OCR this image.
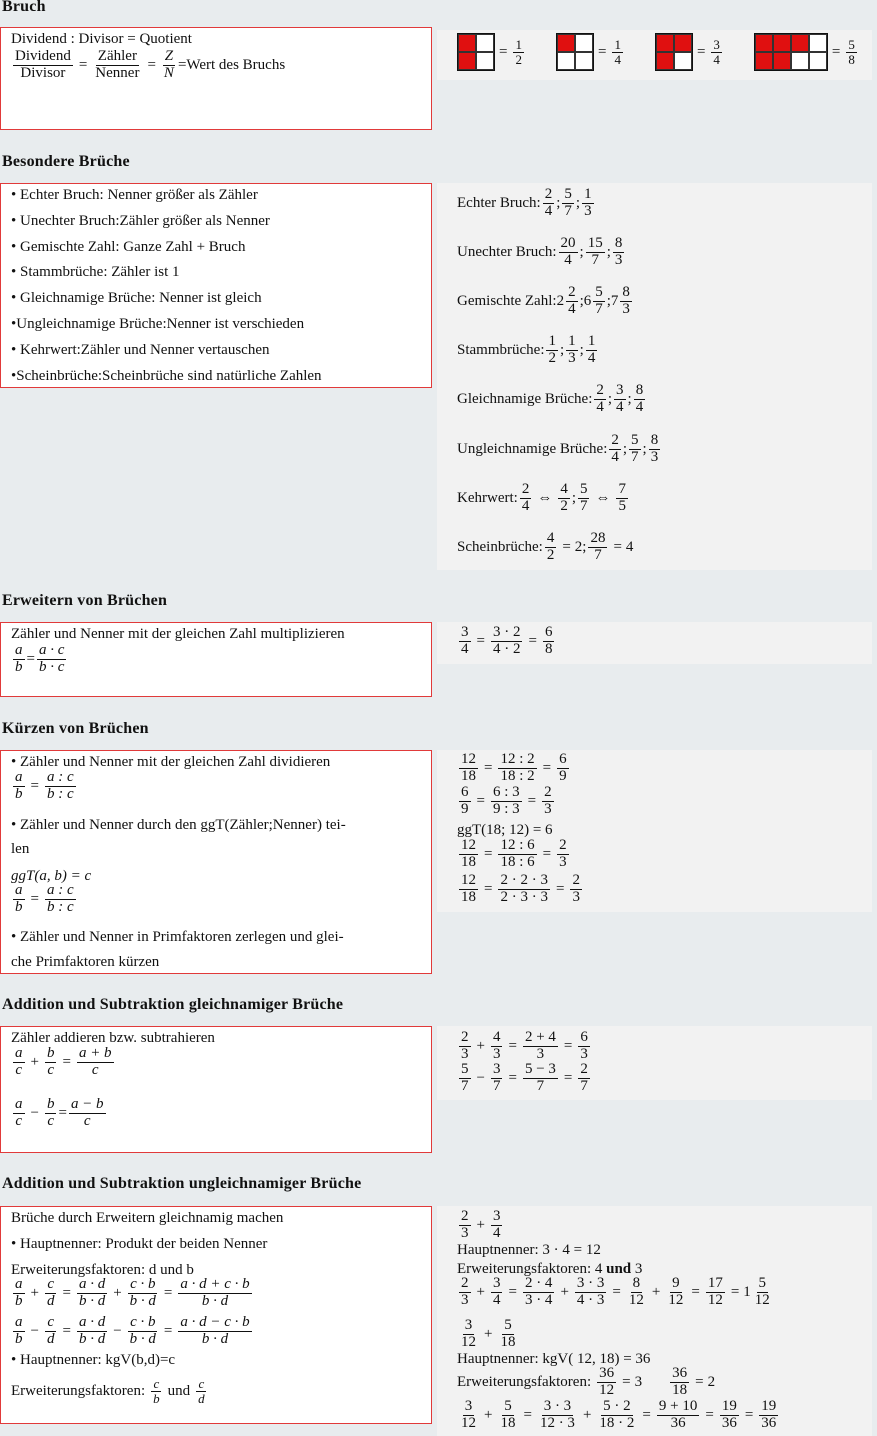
Bruch
Dividend : Divisor = Quotient
Dividend
Divisor
=
Zähler
Nenner
= $\frac{Z}{N}$ =Wert des Bruchs
= $\frac{1}{2}$	= $\frac{1}{4}$	= $\frac{3}{4}$	= $\frac{5}{8}$
Besondere Brüche
• Echter Bruch: Nenner größer als Zähler
• Unechter Bruch:Zähler größer als Nenner
• Gemischte Zahl: Ganze Zahl + Bruch
• Stammbrüche: Zähler ist 1
• Gleichnamige Brüche: Nenner ist gleich
•Ungleichnamige Brüche:Nenner ist verschieden
• Kehrwert:Zähler und Nenner vertauschen
•Scheinbrüche:Scheinbrüche sind natürliche Zahlen
Echter Bruch:
2
4
;
5
7
;
1
3
Unechter Bruch:
20
4
;
15
7
;
8
3
Gemischte Zahl: 2
2
4
;6
5
7
;7
8
3
Stammbrüche:
1
2
;
1
3
;
1
4
Gleichnamige Brüche:
2
4
;
3
4
;
8
4
Ungleichnamige Brüche:
2
4
;
5
7
;
8
3
Kehrwert:
2
4
⇔
4
2
;
5
7
⇔
7
5
Scheinbrüche: $\frac{4}{2} = 2$; $\frac{28}{7} = 4$
Erweitern von Brüchen
Zähler und Nenner mit der gleichen Zahl multiplizieren
a
b
=
a · c
b · c
$\frac{3}{4} = \frac{3 \cdot 2}{4 \cdot 2} = \frac{6}{8}$
Kürzen von Brüchen
• Zähler und Nenner mit der gleichen Zahl dividieren
$\frac{a}{b} = \frac{a : c}{b : c}$
• Zähler und Nenner durch den ggT(Zähler;Nenner) tei-
len
ggT(a, b) = c
$\frac{a}{b} = \frac{a : c}{b : c}$
• Zähler und Nenner in Primfaktoren zerlegen und glei-
che Primfaktoren kürzen
$\frac{12}{18} = \frac{12 : 2}{18 : 2} = \frac{6}{9}$
$\frac{6}{9} = \frac{6 : 3}{9 : 3} = \frac{2}{3}$
ggT(18; 12) = 6
$\frac{12}{18} = \frac{12 : 6}{18 : 6} = \frac{2}{3}$
$\frac{12}{18} = \frac{2 \cdot 2 \cdot 3}{2 \cdot 3 \cdot 3} = \frac{2}{3}$
Addition und Subtraktion gleichnamiger Brüche
Zähler addieren bzw. subtrahieren
a
c
+ $\frac{b}{c} = \frac{a + b}{c}$
a
c
− $\frac{b}{c}$ =
a − b
c
2
3
+ $\frac{4}{3} = \frac{2 + 4}{3} = \frac{6}{3}$
5
7
− $\frac{3}{7} = \frac{5 - 3}{7} = \frac{2}{7}$
Addition und Subtraktion ungleichnamiger Brüche
Brüche durch Erweitern gleichnamig machen
• Hauptnenner: Produkt der beiden Nenner
Erweiterungsfaktoren: d und b
a
b
+ $\frac{c}{d} = \frac{a \cdot d}{b \cdot d} + \frac{c \cdot b}{b \cdot d} = \frac{a \cdot d + c \cdot b}{b \cdot d}$
a
b
− $\frac{c}{d} = \frac{a \cdot d}{b \cdot d} - \frac{c \cdot b}{b \cdot d} = \frac{a \cdot d - c \cdot b}{b \cdot d}$
• Hauptnenner: kgV(b,d)=c
Erweiterungsfaktoren: c
b und c
d
2
3
+ $\frac{3}{4}$
Hauptnenner: 3 · 4 = 12
Erweiterungsfaktoren: 4 und 3
2
3
+ $\frac{3}{4} = \frac{2 \cdot 4}{3 \cdot 4} + \frac{3 \cdot 3}{4 \cdot 3} = \frac{8}{12} + \frac{9}{12} = \frac{17}{12} = 1 \frac{5}{12}$
3
12
+ $\frac{5}{18}$
Hauptnenner: kgV( 12, 18) = 36
Erweiterungsfaktoren: $\frac{36}{12} = 3 \frac{36}{18} = 2$
3
12
+ $\frac{5}{18} = \frac{3 \cdot 3}{12 \cdot 3} + \frac{5 \cdot 2}{18 \cdot 2} = \frac{9 + 10}{36} = \frac{19}{36} = \frac{19}{36}$
